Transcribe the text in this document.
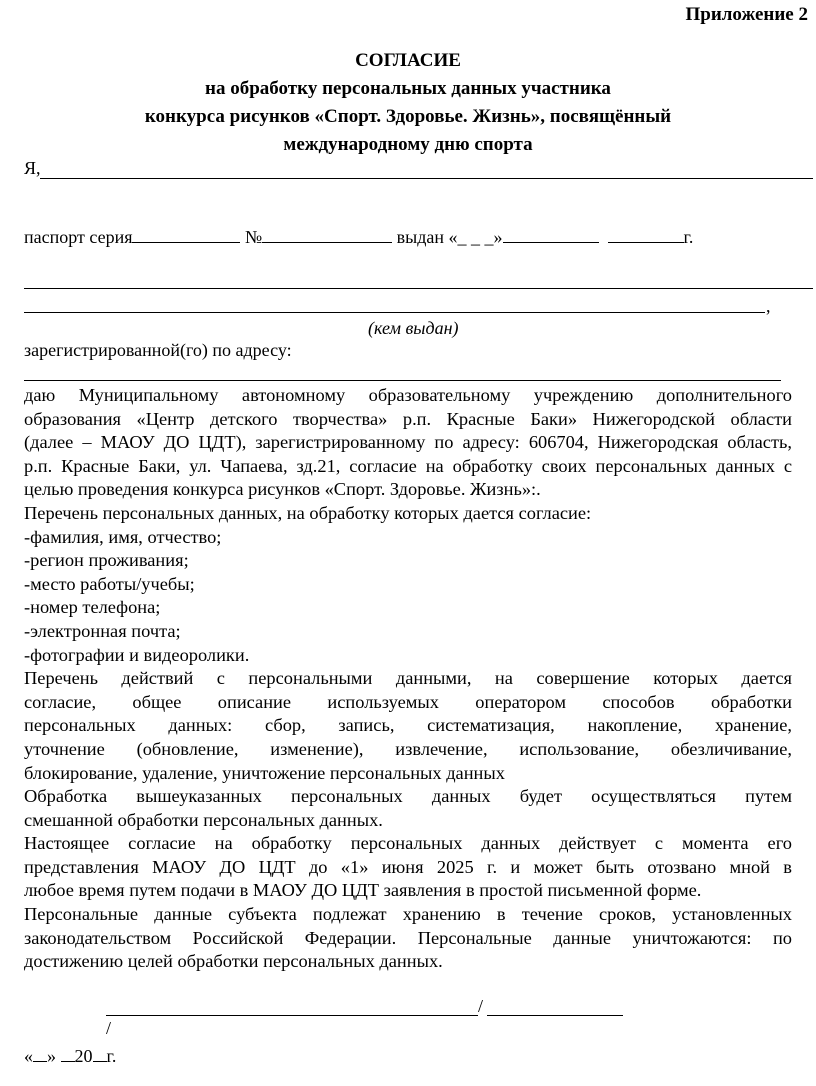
Приложение 2
СОГЛАСИЕ
на обработку персональных данных участника
конкурса рисунков «Спорт. Здоровье. Жизнь», посвящённый
международному дню спорта
Я,
паспорт серия	№	выдан «_ _ _»	г.
,
(кем выдан)
зарегистрированной(го) по адресу:
даю Муниципальному автономному образовательному учреждению дополнительного
образования «Центр детского творчества» р.п. Красные Баки» Нижегородской области
(далее – МАОУ ДО ЦДТ), зарегистрированному по адресу: 606704, Нижегородская область,
р.п. Красные Баки, ул. Чапаева, зд.21, согласие на обработку своих персональных данных с
целью проведения конкурса рисунков «Спорт. Здоровье. Жизнь»:.
Перечень персональных данных, на обработку которых дается согласие:
-фамилия, имя, отчество;
-регион проживания;
-место работы/учебы;
-номер телефона;
-электронная почта;
-фотографии и видеоролики.
Перечень действий с персональными данными, на совершение которых дается
согласие, общее описание используемых оператором способов обработки
персональных данных: сбор, запись, систематизация, накопление, хранение,
уточнение (обновление, изменение), извлечение, использование, обезличивание,
блокирование, удаление, уничтожение персональных данных
Обработка вышеуказанных персональных данных будет осуществляться путем
смешанной обработки персональных данных.
Настоящее согласие на обработку персональных данных действует с момента его
представления МАОУ ДО ЦДТ до «1» июня 2025 г. и может быть отозвано мной в
любое время путем подачи в МАОУ ДО ЦДТ заявления в простой письменной форме.
Персональные данные субъекта подлежат хранению в течение сроков, установленных
законодательством Российской Федерации. Персональные данные уничтожаются: по
достижению целей обработки персональных данных.
/
/
« » 20 г.
